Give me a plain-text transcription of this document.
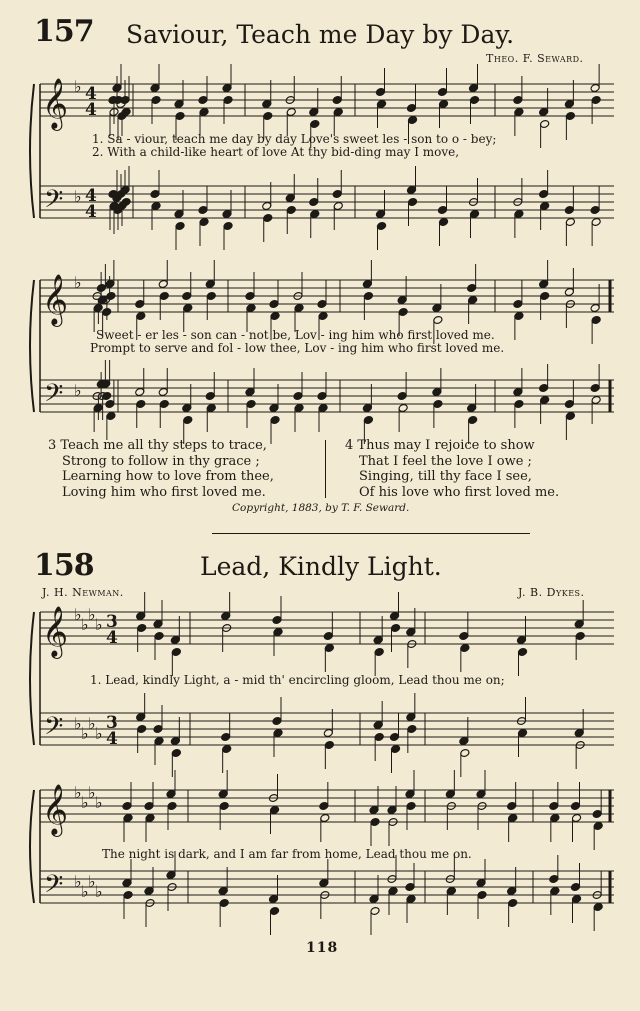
157 Saviour, Teach me Day by Day.
Theo. F. Seward.
𝄞
𝄢
♭
♭
4
4
4
4
𝄞
𝄢
♭
♭
𝄞
𝄢
♭
♭
♭
♭
♭
♭
♭
♭
3
4
3
4
𝄞
𝄢
♭
♭
♭
♭
♭
♭
♭
♭
1. Sa - viour, teach me day by day Love's sweet les - son to o - bey;
2. With a child-like heart of love At thy bid-ding may I move,
Sweet - er les - son can - not be, Lov - ing him who first loved me.
Prompt to serve and fol - low thee, Lov - ing him who first loved me.
3 Teach me all thy steps to trace,
Strong to follow in thy grace ;
Learning how to love from thee,
Loving him who first loved me.
4 Thus may I rejoice to show
That I feel the love I owe ;
Singing, till thy face I see,
Of his love who first loved me.
Copyright, 1883, by T. F. Seward.
158	Lead, Kindly Light.
J. H. Newman.	J. B. Dykes.
1. Lead, kindly Light, a - mid th' encircling gloom, Lead thou me on;
The night is dark, and I am far from home, Lead thou me on.
118
